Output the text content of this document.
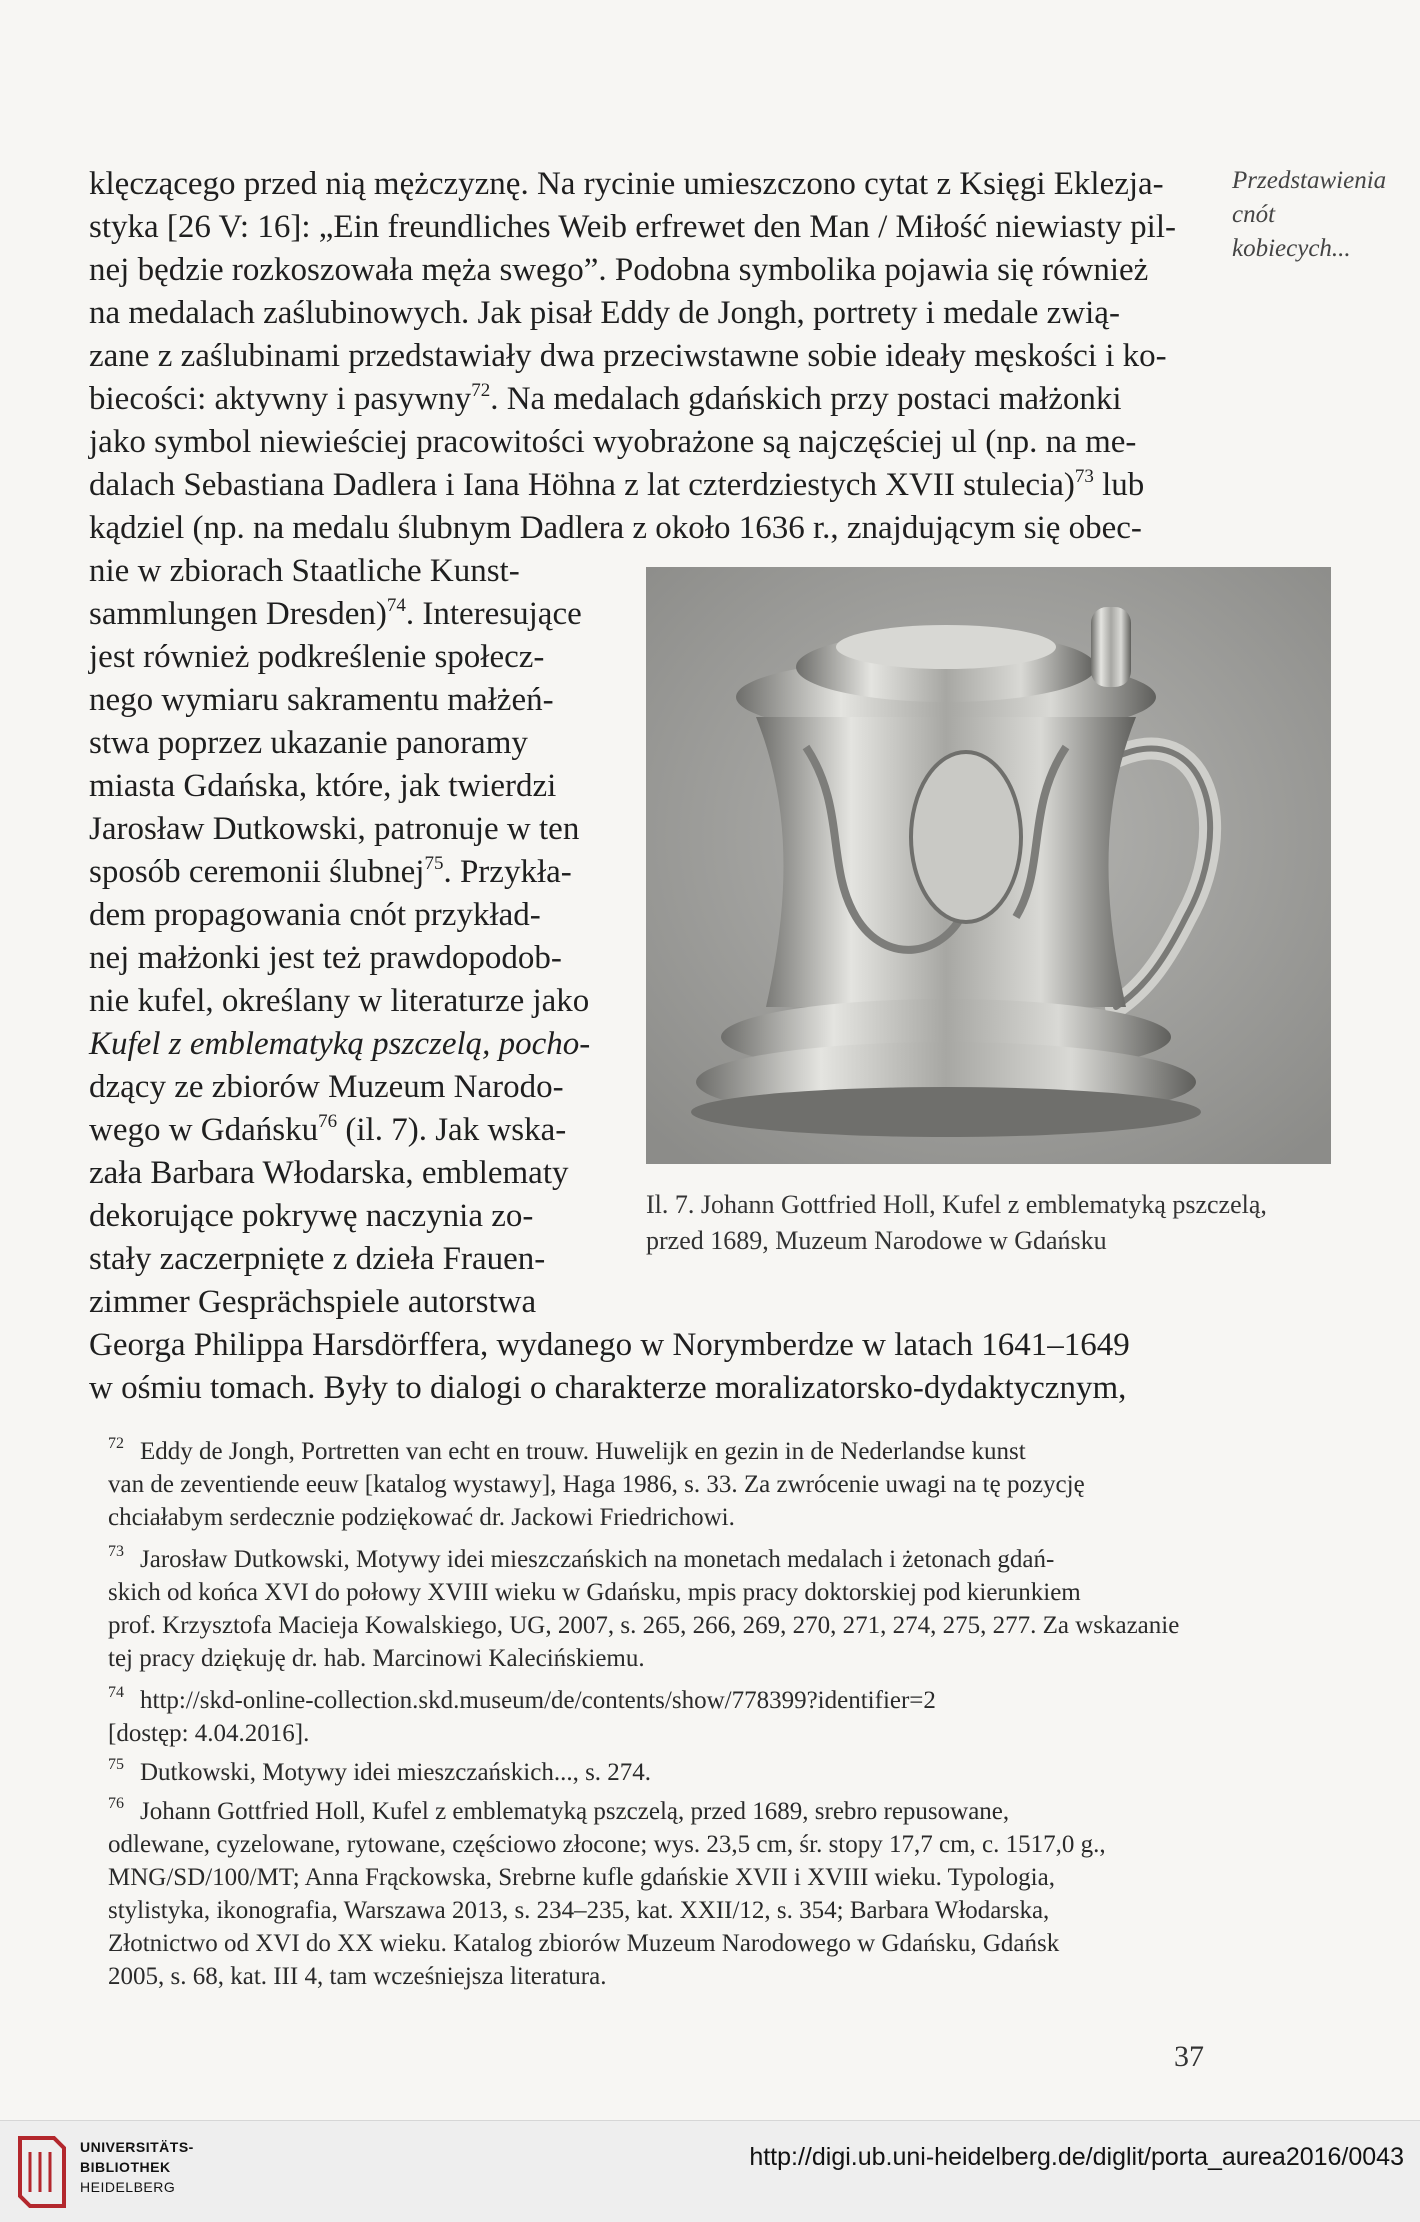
Przedstawienia
cnót
kobiecych...
klęczącego przed nią mężczyznę. Na rycinie umieszczono cytat z Księgi Eklezja-
styka [26 V: 16]: „Ein freundliches Weib erfrewet den Man / Miłość niewiasty pil-
nej będzie rozkoszowała męża swego”. Podobna symbolika pojawia się również
na medalach zaślubinowych. Jak pisał Eddy de Jongh, portrety i medale zwią-
zane z zaślubinami przedstawiały dwa przeciwstawne sobie ideały męskości i ko-
biecości: aktywny i pasywny$^{72}$. Na medalach gdańskich przy postaci małżonki
jako symbol niewieściej pracowitości wyobrażone są najczęściej ul (np. na me-
dalach Sebastiana Dadlera i Iana Höhna z lat czterdziestych XVII stulecia)$^{73}$ lub
kądziel (np. na medalu ślubnym Dadlera z około 1636 r., znajdującym się obec-
nie w zbiorach Staatliche Kunst-
sammlungen Dresden)$^{74}$. Interesujące
jest również podkreślenie społecz-
nego wymiaru sakramentu małżeń-
stwa poprzez ukazanie panoramy
miasta Gdańska, które, jak twierdzi
Jarosław Dutkowski, patronuje w ten
sposób ceremonii ślubnej$^{75}$. Przykła-
dem propagowania cnót przykład-
nej małżonki jest też prawdopodob-
nie kufel, określany w literaturze jako
Kufel z emblematyką pszczelą, pocho-
dzący ze zbiorów Muzeum Narodo-
wego w Gdańsku$^{76}$ (il. 7). Jak wska-
zała Barbara Włodarska, emblematy
dekorujące pokrywę naczynia zo-
stały zaczerpnięte z dzieła Frauen-
zimmer Gesprächspiele autorstwa
Georga Philippa Harsdörffera, wydanego w Norymberdze w latach 1641–1649
w ośmiu tomach. Były to dialogi o charakterze moralizatorsko-dydaktycznym,
Il. 7. Johann Gottfried Holl, Kufel z emblematyką pszczelą,
przed 1689, Muzeum Narodowe w Gdańsku
$^{72}$ Eddy de Jongh, Portretten van echt en trouw. Huwelijk en gezin in de Nederlandse kunst
van de zeventiende eeuw [katalog wystawy], Haga 1986, s. 33. Za zwrócenie uwagi na tę pozycję
chciałabym serdecznie podziękować dr. Jackowi Friedrichowi.
$^{73}$ Jarosław Dutkowski, Motywy idei mieszczańskich na monetach medalach i żetonach gdań-
skich od końca XVI do połowy XVIII wieku w Gdańsku, mpis pracy doktorskiej pod kierunkiem
prof. Krzysztofa Macieja Kowalskiego, UG, 2007, s. 265, 266, 269, 270, 271, 274, 275, 277. Za wskazanie
tej pracy dziękuję dr. hab. Marcinowi Kalecińskiemu.
$^{74}$ http://skd-online-collection.skd.museum/de/contents/show/778399?identifier=2
[dostęp: 4.04.2016].
$^{75}$ Dutkowski, Motywy idei mieszczańskich..., s. 274.
$^{76}$ Johann Gottfried Holl, Kufel z emblematyką pszczelą, przed 1689, srebro repusowane,
odlewane, cyzelowane, rytowane, częściowo złocone; wys. 23,5 cm, śr. stopy 17,7 cm, c. 1517,0 g.,
MNG/SD/100/MT; Anna Frąckowska, Srebrne kufle gdańskie XVII i XVIII wieku. Typologia,
stylistyka, ikonografia, Warszawa 2013, s. 234–235, kat. XXII/12, s. 354; Barbara Włodarska,
Złotnictwo od XVI do XX wieku. Katalog zbiorów Muzeum Narodowego w Gdańsku, Gdańsk
2005, s. 68, kat. III 4, tam wcześniejsza literatura.
37
UNIVERSITÄTS-
BIBLIOTHEK
HEIDELBERG
http://digi.ub.uni-heidelberg.de/diglit/porta_aurea2016/0043
